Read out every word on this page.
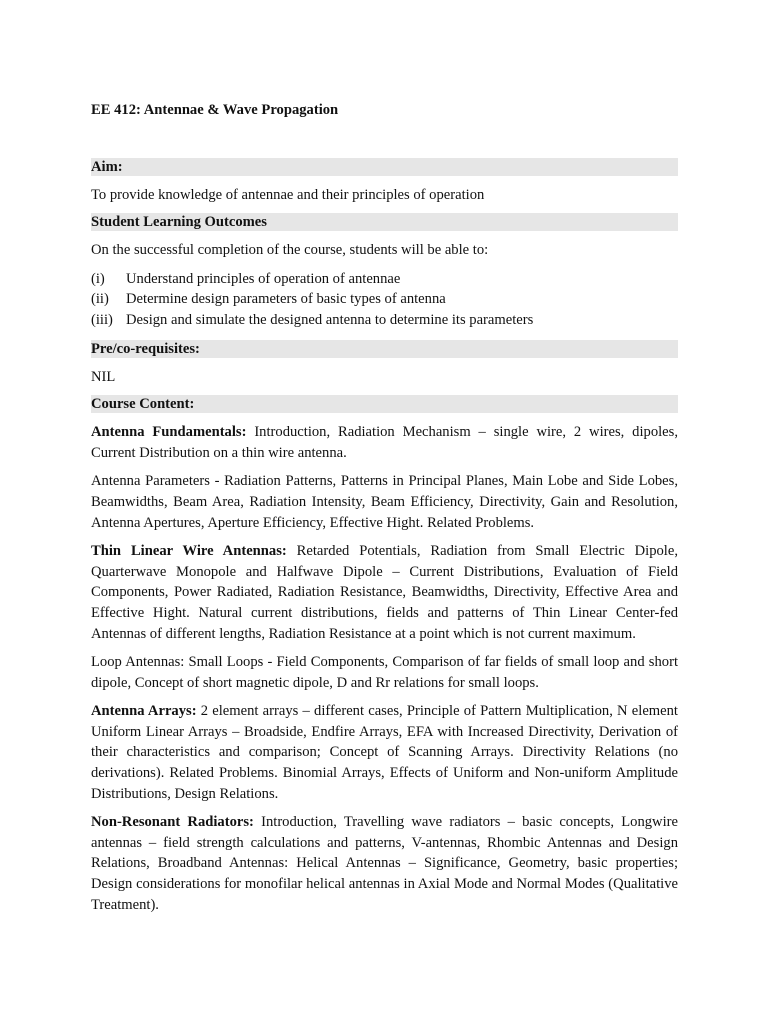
EE 412: Antennae & Wave Propagation
Aim:

To provide knowledge of antennae and their principles of operation

Student Learning Outcomes

On the successful completion of the course, students will be able to:

(i)	Understand principles of operation of antennae
(ii)	Determine design parameters of basic types of antenna
(iii) Design and simulate the designed antenna to determine its parameters
Pre/co-requisites:

NIL

Course Content:

Antenna Fundamentals: Introduction, Radiation Mechanism – single wire, 2 wires, dipoles, Current Distribution on a thin wire antenna.

Antenna Parameters - Radiation Patterns, Patterns in Principal Planes, Main Lobe and Side Lobes, Beamwidths, Beam Area, Radiation Intensity, Beam Efficiency, Directivity, Gain and Resolution, Antenna Apertures, Aperture Efficiency, Effective Hight. Related Problems.

Thin Linear Wire Antennas: Retarded Potentials, Radiation from Small Electric Dipole, Quarterwave Monopole and Halfwave Dipole – Current Distributions, Evaluation of Field Components, Power Radiated, Radiation Resistance, Beamwidths, Directivity, Effective Area and Effective Hight. Natural current distributions, fields and patterns of Thin Linear Center-fed Antennas of different lengths, Radiation Resistance at a point which is not current maximum.

Loop Antennas: Small Loops - Field Components, Comparison of far fields of small loop and short dipole, Concept of short magnetic dipole, D and Rr relations for small loops.

Antenna Arrays: 2 element arrays – different cases, Principle of Pattern Multiplication, N element Uniform Linear Arrays – Broadside, Endfire Arrays, EFA with Increased Directivity, Derivation of their characteristics and comparison; Concept of Scanning Arrays. Directivity Relations (no derivations). Related Problems. Binomial Arrays, Effects of Uniform and Non-uniform Amplitude Distributions, Design Relations.

Non-Resonant Radiators: Introduction, Travelling wave radiators – basic concepts, Longwire antennas – field strength calculations and patterns, V-antennas, Rhombic Antennas and Design Relations, Broadband Antennas: Helical Antennas – Significance, Geometry, basic properties; Design considerations for monofilar helical antennas in Axial Mode and Normal Modes (Qualitative Treatment).
